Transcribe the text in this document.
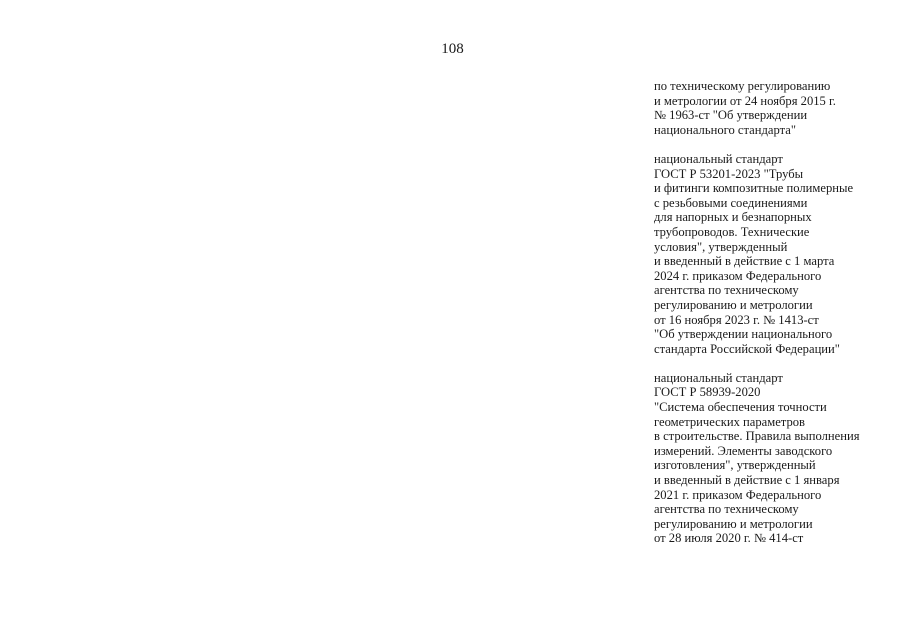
108

по техническому регулированию
и метрологии от 24 ноября 2015 г.
№ 1963-ст "Об утверждении
национального стандарта"

национальный стандарт
ГОСТ Р 53201-2023 "Трубы
и фитинги композитные полимерные
с резьбовыми соединениями
для напорных и безнапорных
трубопроводов. Технические
условия", утвержденный
и введенный в действие с 1 марта
2024 г. приказом Федерального
агентства по техническому
регулированию и метрологии
от 16 ноября 2023 г. № 1413-ст
"Об утверждении национального
стандарта Российской Федерации"

национальный стандарт
ГОСТ Р 58939-2020
"Система обеспечения точности
геометрических параметров
в строительстве. Правила выполнения
измерений. Элементы заводского
изготовления", утвержденный
и введенный в действие с 1 января
2021 г. приказом Федерального
агентства по техническому
регулированию и метрологии
от 28 июля 2020 г. № 414-ст
